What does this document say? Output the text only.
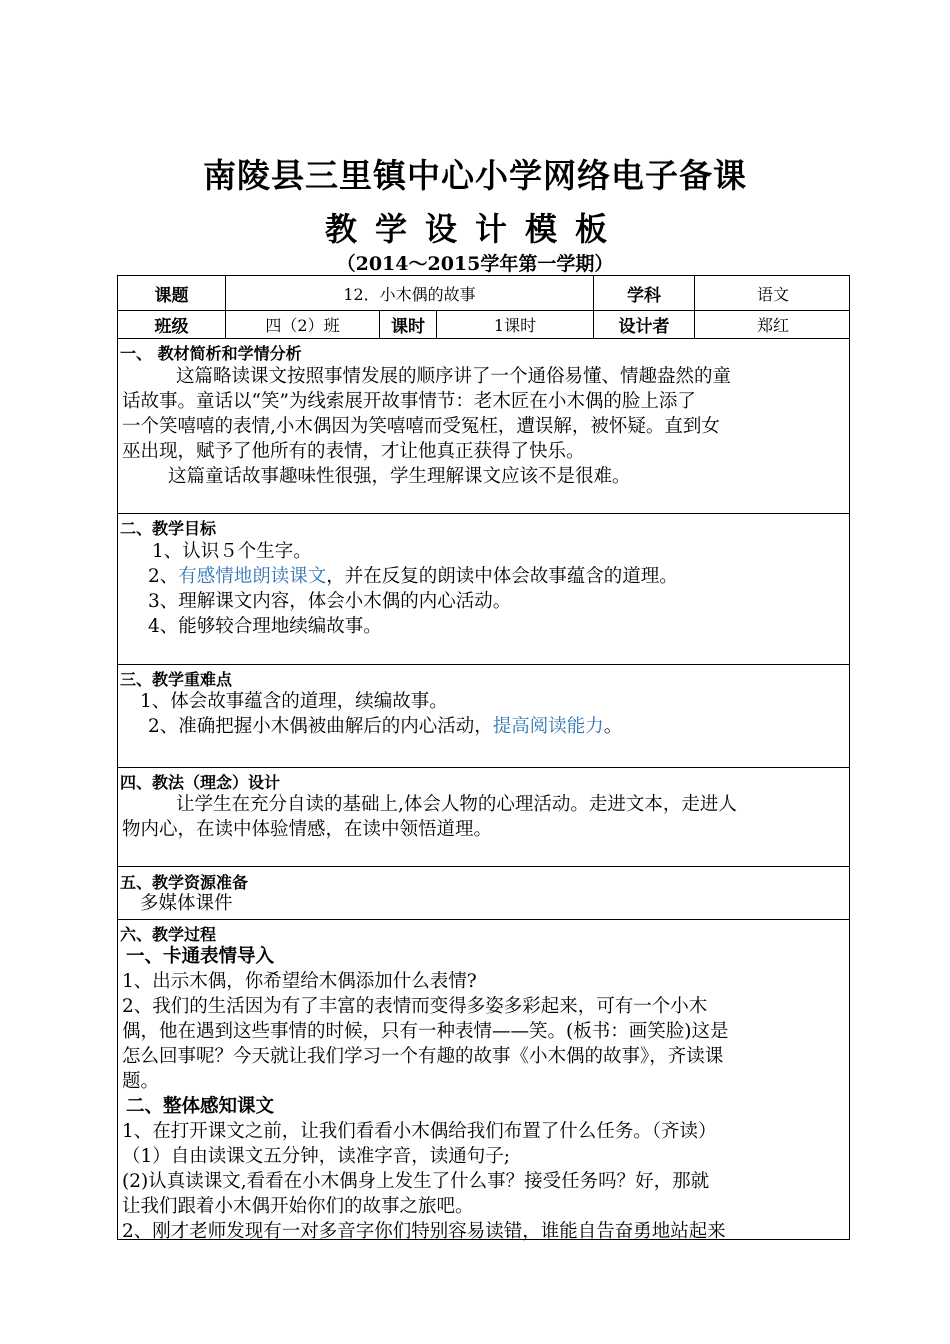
南陵县三里镇中心小学网络电子备课
教学设计模板
（2014～2015学年第一学期）
课题	12．小木偶的故事	学科	语文
班级	四（2）班	课时	1课时	设计者	郑红
一、 教材简析和学情分析
这篇略读课文按照事情发展的顺序讲了一个通俗易懂、情趣盎然的童
话故事。童话以“笑”为线索展开故事情节：老木匠在小木偶的脸上添了
一个笑嘻嘻的表情,小木偶因为笑嘻嘻而受冤枉，遭误解，被怀疑。直到女
巫出现，赋予了他所有的表情，才让他真正获得了快乐。
这篇童话故事趣味性很强，学生理解课文应该不是很难。
二、教学目标
1、认识５个生字。
2、有感情地朗读课文，并在反复的朗读中体会故事蕴含的道理。
3、理解课文内容，体会小木偶的内心活动。
4、能够较合理地续编故事。
三、教学重难点
1、体会故事蕴含的道理，续编故事。
2、准确把握小木偶被曲解后的内心活动，提高阅读能力。
四、教法（理念）设计
让学生在充分自读的基础上,体会人物的心理活动。走进文本，走进人
物内心，在读中体验情感，在读中领悟道理。
五、教学资源准备
多媒体课件
六、教学过程
一、卡通表情导入
1、出示木偶，你希望给木偶添加什么表情?
2、我们的生活因为有了丰富的表情而变得多姿多彩起来，可有一个小木
偶，他在遇到这些事情的时候，只有一种表情——笑。(板书：画笑脸)这是
怎么回事呢？今天就让我们学习一个有趣的故事《小木偶的故事》，齐读课
题。
二、整体感知课文
1、在打开课文之前，让我们看看小木偶给我们布置了什么任务。（齐读）
（1）自由读课文五分钟，读准字音，读通句子;
(2)认真读课文,看看在小木偶身上发生了什么事？接受任务吗？好，那就
让我们跟着小木偶开始你们的故事之旅吧。
2、刚才老师发现有一对多音字你们特别容易读错，谁能自告奋勇地站起来
